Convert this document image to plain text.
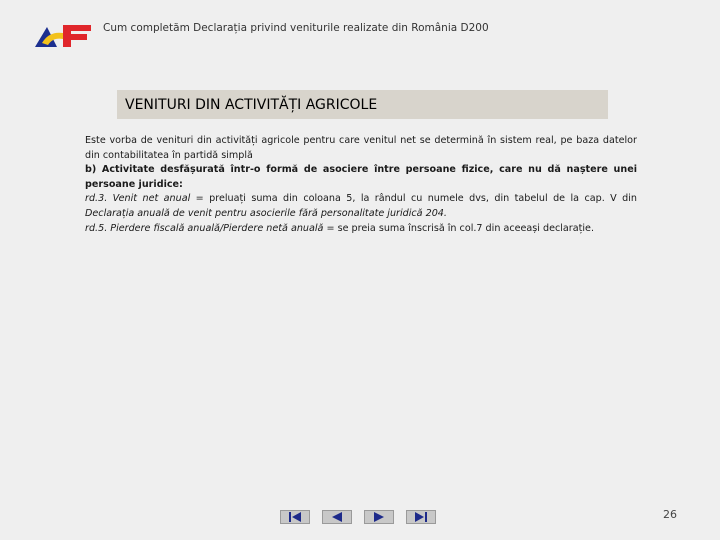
Cum completăm Declarația privind veniturile realizate din România D200
VENITURI DIN ACTIVITĂȚI AGRICOLE

Este vorba de venituri din activități agricole pentru care venitul net se determină în sistem real, pe baza datelor din contabilitatea în partidă simplă

b) Activitate desfășurată într-o formă de asociere între persoane fizice, care nu dă naștere unei persoane juridice:

rd.3. Venit net anual = preluați suma din coloana 5, la rândul cu numele dvs, din tabelul de la cap. V din Declarația anuală de venit pentru asocierile fără personalitate juridică 204.

rd.5. Pierdere fiscală anuală/Pierdere netă anuală = se preia suma înscrisă în col.7 din aceeași declarație.

26
